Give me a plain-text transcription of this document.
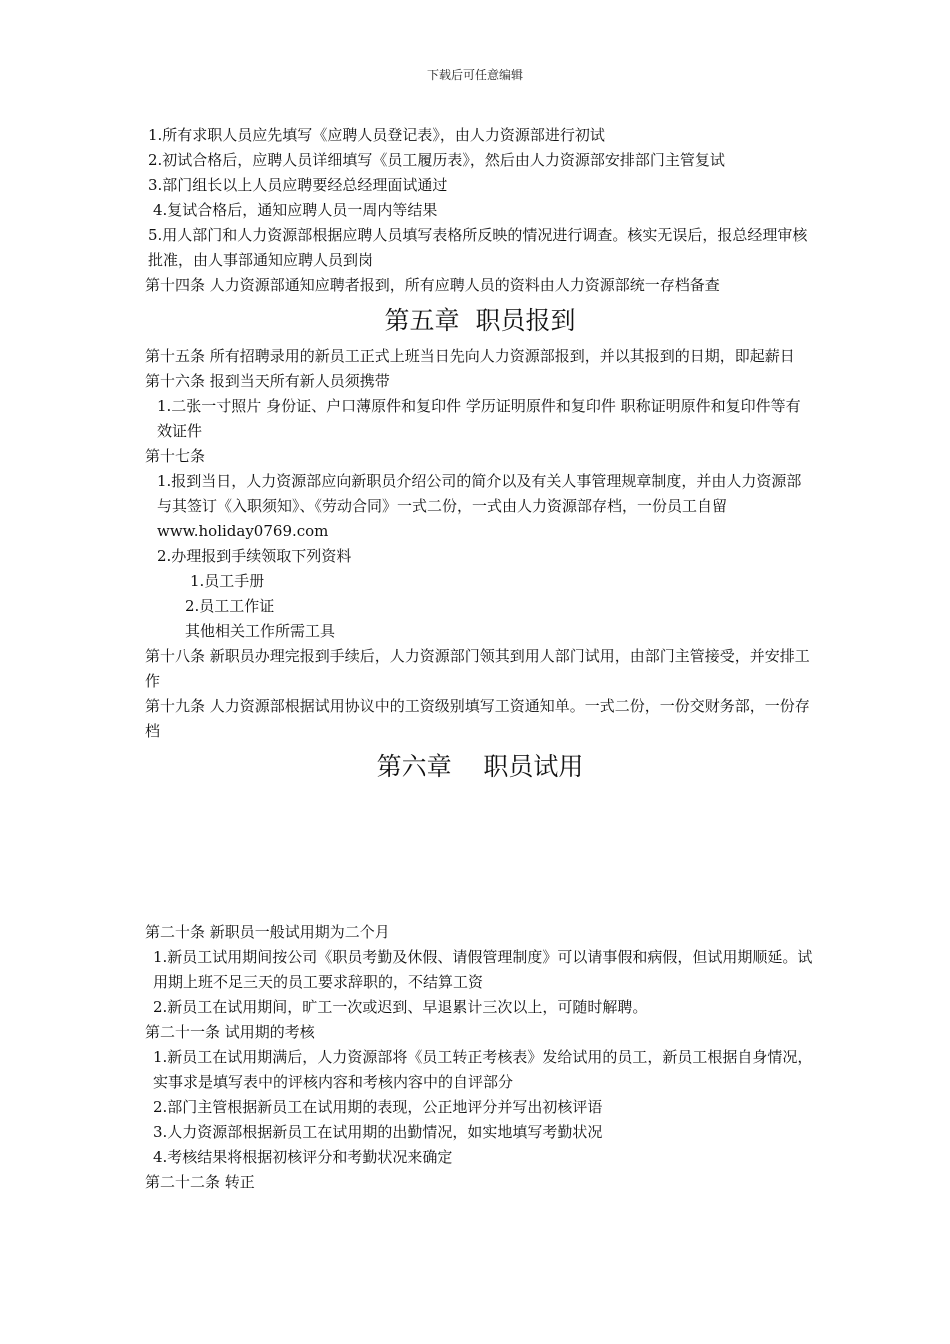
下载后可任意编辑
1.所有求职人员应先填写《应聘人员登记表》，由人力资源部进行初试
2.初试合格后，应聘人员详细填写《员工履历表》，然后由人力资源部安排部门主管复试
3.部门组长以上人员应聘要经总经理面试通过
4.复试合格后，通知应聘人员一周内等结果
5.用人部门和人力资源部根据应聘人员填写表格所反映的情况进行调查。核实无误后，报总经理审核批准，由人事部通知应聘人员到岗
第十四条 人力资源部通知应聘者报到，所有应聘人员的资料由人力资源部统一存档备查
第五章  职员报到
第十五条 所有招聘录用的新员工正式上班当日先向人力资源部报到，并以其报到的日期，即起薪日
第十六条 报到当天所有新人员须携带
1.二张一寸照片 身份证、户口薄原件和复印件 学历证明原件和复印件 职称证明原件和复印件等有效证件
第十七条
1.报到当日，人力资源部应向新职员介绍公司的简介以及有关人事管理规章制度，并由人力资源部与其签订《入职须知》、《劳动合同》一式二份，一式由人力资源部存档，一份员工自留 www.holiday0769.com
2.办理报到手续领取下列资料
1.员工手册
2.员工工作证
其他相关工作所需工具
第十八条 新职员办理完报到手续后，人力资源部门领其到用人部门试用，由部门主管接受，并安排工作
第十九条 人力资源部根据试用协议中的工资级别填写工资通知单。一式二份，一份交财务部，一份存档
第六章    职员试用
第二十条 新职员一般试用期为二个月
1.新员工试用期间按公司《职员考勤及休假、请假管理制度》可以请事假和病假，但试用期顺延。试用期上班不足三天的员工要求辞职的，不结算工资
2.新员工在试用期间，旷工一次或迟到、早退累计三次以上，可随时解聘。
第二十一条 试用期的考核
1.新员工在试用期满后，人力资源部将《员工转正考核表》发给试用的员工，新员工根据自身情况，实事求是填写表中的评核内容和考核内容中的自评部分
2.部门主管根据新员工在试用期的表现，公正地评分并写出初核评语
3.人力资源部根据新员工在试用期的出勤情况，如实地填写考勤状况
4.考核结果将根据初核评分和考勤状况来确定
第二十二条 转正
